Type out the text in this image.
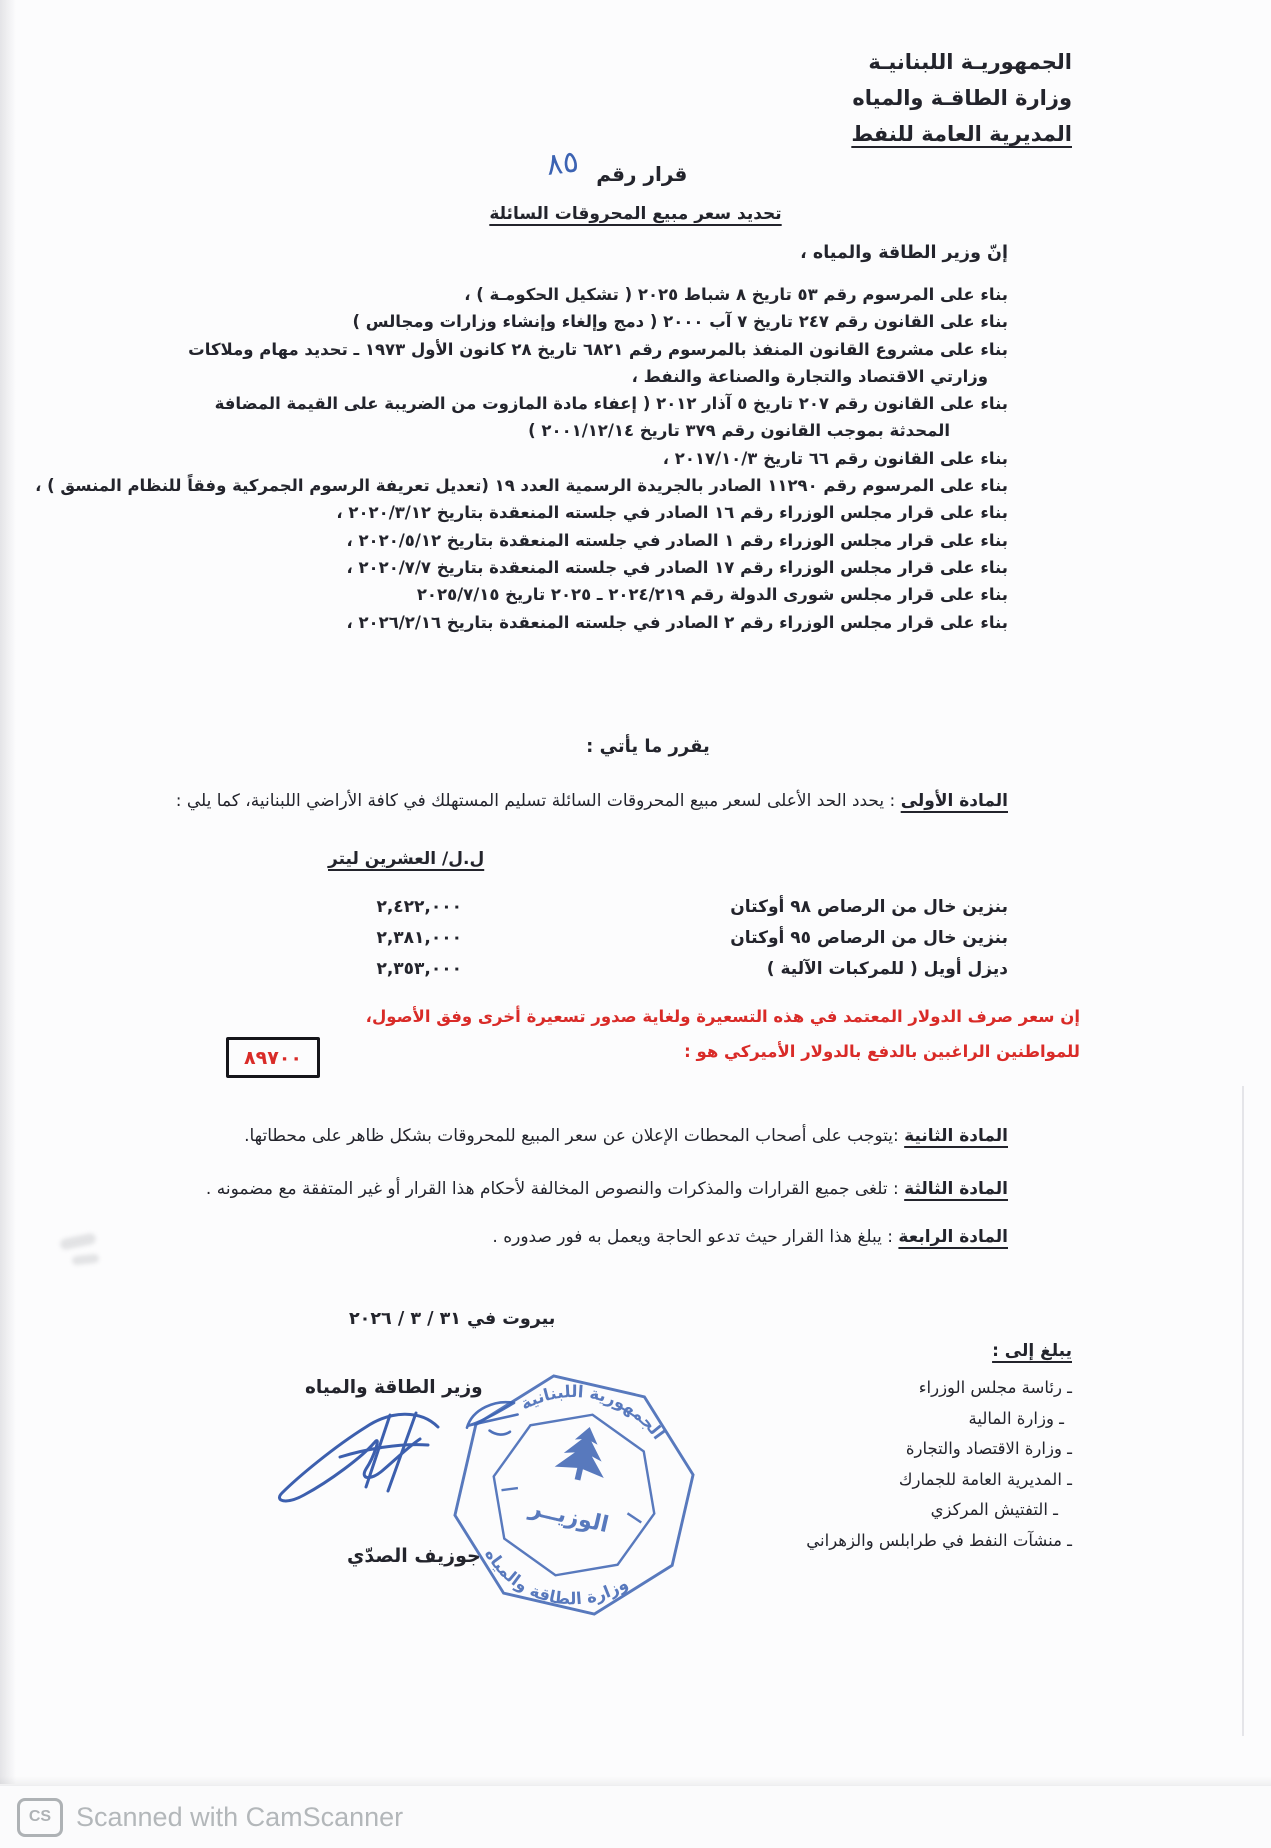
الجمهوريـة اللبنانيـة
وزارة الطاقـة والمياه
المديرية العامة للنفط
قرار رقم
٨٥
تحديد سعر مبيع المحروقات السائلة
إنّ وزير الطاقة والمياه ،
بناء على المرسوم رقم ٥٣ تاريخ ٨ شباط ٢٠٢٥ ( تشكيل الحكومـة ) ،
بناء على القانون رقم ٢٤٧ تاريخ ٧ آب ٢٠٠٠ ( دمج وإلغاء وإنشاء وزارات ومجالس )
بناء على مشروع القانون المنفذ بالمرسوم رقم ٦٨٢١ تاريخ ٢٨ كانون الأول ١٩٧٣ ـ تحديد مهام وملاكات
وزارتي الاقتصاد والتجارة والصناعة والنفط ،
بناء على القانون رقم ٢٠٧ تاريخ ٥ آذار ٢٠١٢ ( إعفاء مادة المازوت من الضريبة على القيمة المضافة
المحدثة بموجب القانون رقم ٣٧٩ تاريخ ٢٠٠١/١٢/١٤ )
بناء على القانون رقم ٦٦ تاريخ ٢٠١٧/١٠/٣ ،
بناء على المرسوم رقم ١١٢٩٠ الصادر بالجريدة الرسمية العدد ١٩ (تعديل تعريفة الرسوم الجمركية وفقاً للنظام المنسق ) ،
بناء على قرار مجلس الوزراء رقم ١٦ الصادر في جلسته المنعقدة بتاريخ ٢٠٢٠/٣/١٢ ،
بناء على قرار مجلس الوزراء رقم ١ الصادر في جلسته المنعقدة بتاريخ ٢٠٢٠/٥/١٢ ،
بناء على قرار مجلس الوزراء رقم ١٧ الصادر في جلسته المنعقدة بتاريخ ٢٠٢٠/٧/٧ ،
بناء على قرار مجلس شورى الدولة رقم ٢٠٢٤/٢١٩ ـ ٢٠٢٥ تاريخ ٢٠٢٥/٧/١٥
بناء على قرار مجلس الوزراء رقم ٢ الصادر في جلسته المنعقدة بتاريخ ٢٠٢٦/٢/١٦ ،
يقرر ما يأتي :
المادة الأولى : يحدد الحد الأعلى لسعر مبيع المحروقات السائلة تسليم المستهلك في كافة الأراضي اللبنانية، كما يلي :
ل.ل/ العشرين ليتر
بنزين خال من الرصاص ٩٨ أوكتان
بنزين خال من الرصاص ٩٥ أوكتان
ديزل أويل ( للمركبات الآلية )
٢,٤٢٢,٠٠٠
٢,٣٨١,٠٠٠
٢,٣٥٣,٠٠٠
إن سعر صرف الدولار المعتمد في هذه التسعيرة ولغاية صدور تسعيرة أخرى وفق الأصول،
للمواطنين الراغبين بالدفع بالدولار الأميركي هو :
٨٩٧٠٠
المادة الثانية :يتوجب على أصحاب المحطات الإعلان عن سعر المبيع للمحروقات بشكل ظاهر على محطاتها.
المادة الثالثة : تلغى جميع القرارات والمذكرات والنصوص المخالفة لأحكام هذا القرار أو غير المتفقة مع مضمونه .
المادة الرابعة : يبلغ هذا القرار حيث تدعو الحاجة ويعمل به فور صدوره .
بيروت في ٣١ / ٣ / ٢٠٢٦
يبلغ إلى :
ـ رئاسة مجلس الوزراء
ـ وزارة المالية
ـ وزارة الاقتصاد والتجارة
ـ المديرية العامة للجمارك
ـ التفتيش المركزي
ـ منشآت النفط في طرابلس والزهراني
وزير الطاقة والمياه
جوزيف الصدّي
الجمهورية اللبنانية
وزارة الطاقة والمياه
الوزيــر
CS Scanned with CamScanner
